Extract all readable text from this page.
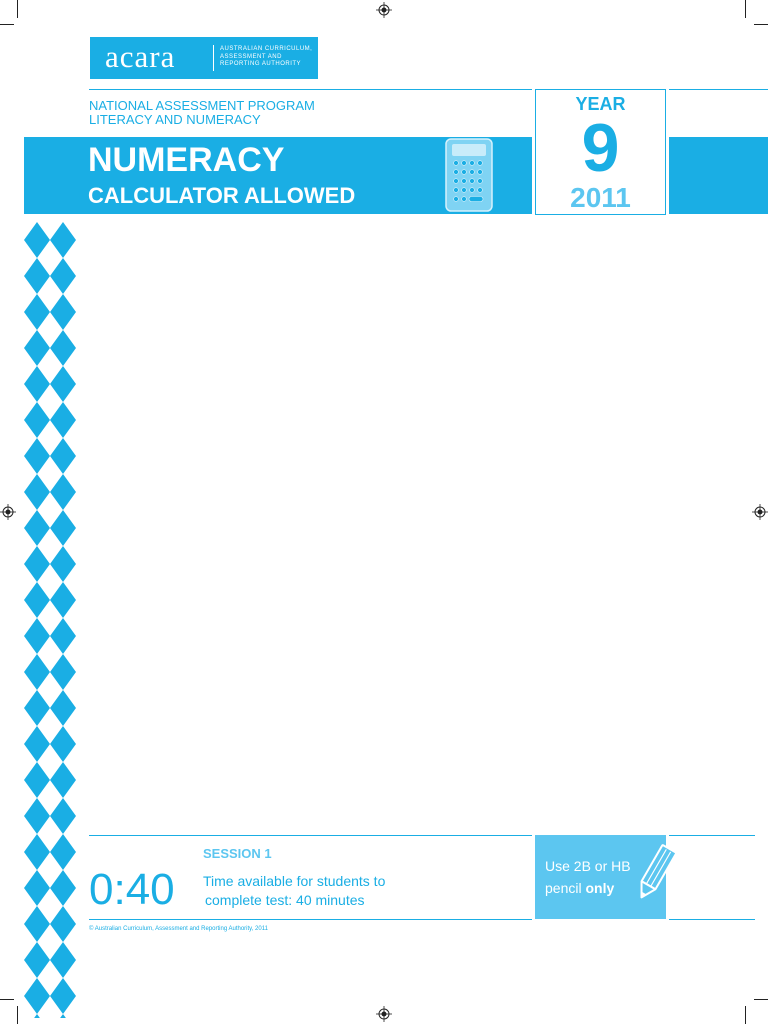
acara	AUSTRALIAN CURRICULUM,
ASSESSMENT AND
REPORTING AUTHORITY
NATIONAL ASSESSMENT PROGRAM
LITERACY AND NUMERACY
NUMERACY
CALCULATOR ALLOWED
YEAR
9
2011
SESSION 1
0:40 Time available for students to
complete test: 40 minutes
Use 2B or HB
pencil only
© Australian Curriculum, Assessment and Reporting Authority, 2011
